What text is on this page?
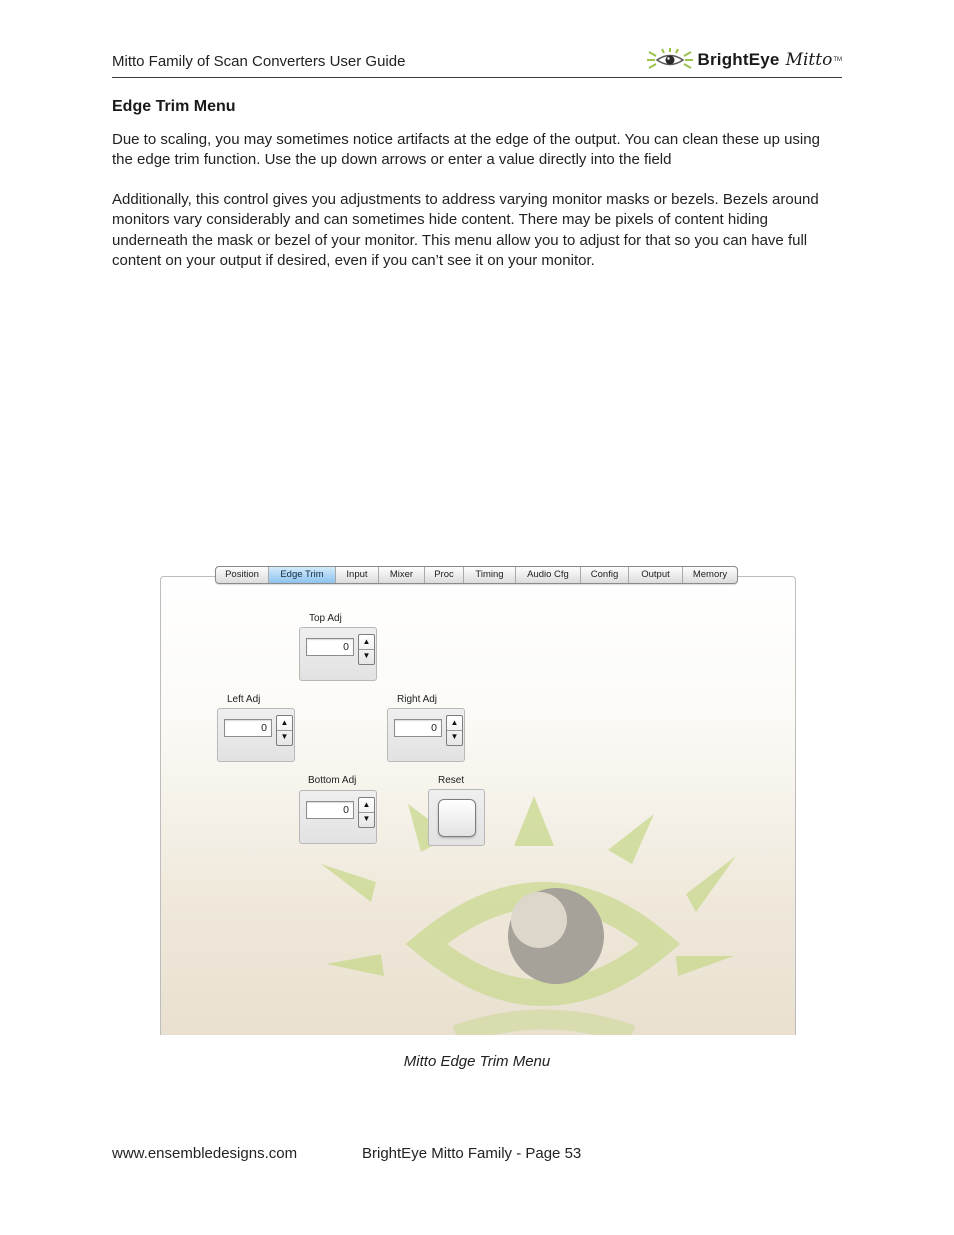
Mitto Family of Scan Converters User Guide	BrightEye Mitto TM
Edge Trim Menu

Due to scaling, you may sometimes notice artifacts at the edge of the output. You can clean these up using the edge trim function. Use the up down arrows or enter a value directly into the field

Additionally, this control gives you adjustments to address varying monitor masks or bezels. Bezels around monitors vary considerably and can sometimes hide content. There may be pixels of content hiding underneath the mask or bezel of your monitor. This menu allow you to adjust for that so you can have full content on your output if desired, even if you can’t see it on your monitor.

Position	Edge Trim	Input	Mixer	Proc	Timing	Audio Cfg	Config	Output	Memory
Top Adj
0	▲
▼
Left Adj
0	▲
▼
Right Adj
0	▲
▼
Bottom Adj
0	▲
▼
Reset
Mitto Edge Trim Menu
www.ensembledesigns.com	BrightEye Mitto Family - Page 53
